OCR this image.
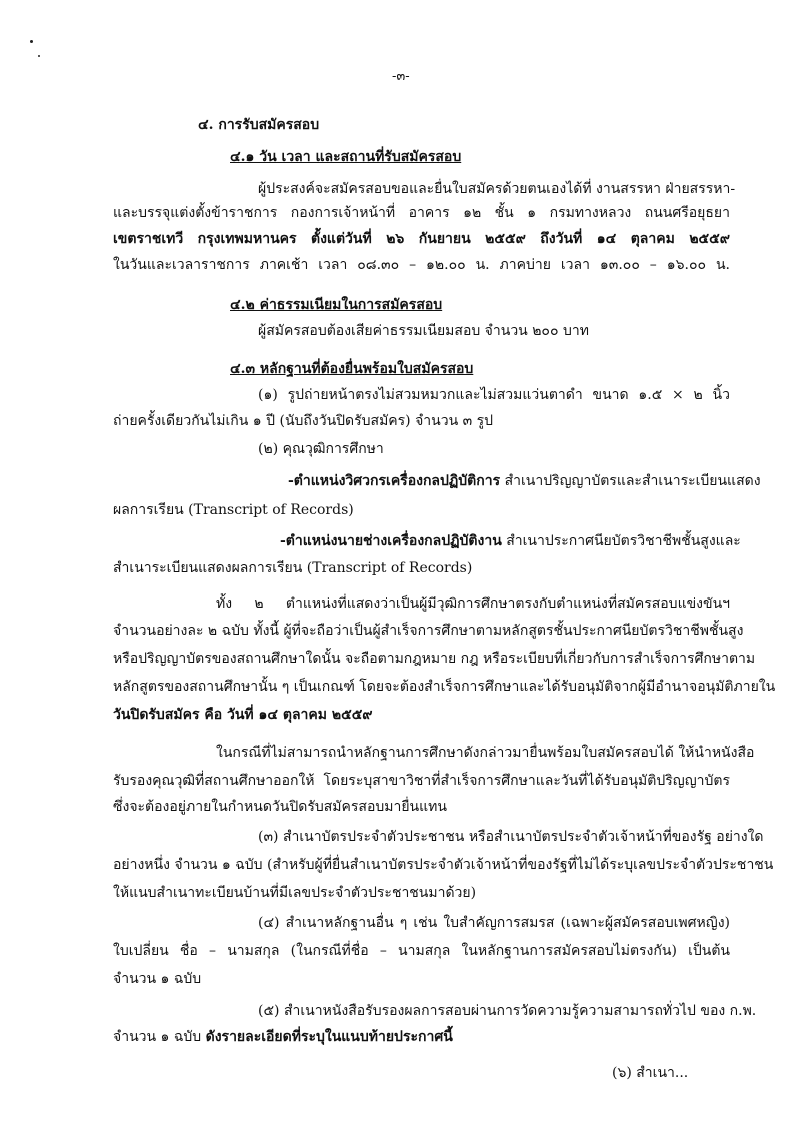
-๓-
๔. การรับสมัครสอบ
๔.๑ วัน เวลา และสถานที่รับสมัครสอบ
ผู้ประสงค์จะสมัครสอบขอและยื่นใบสมัครด้วยตนเองได้ที่ งานสรรหา ฝ่ายสรรหา-
และบรรจุแต่งตั้งข้าราชการ กองการเจ้าหน้าที่ อาคาร ๑๒ ชั้น ๑ กรมทางหลวง ถนนศรีอยุธยา
เขตราชเทวี กรุงเทพมหานคร ตั้งแต่วันที่ ๒๖ กันยายน ๒๕๕๙ ถึงวันที่ ๑๔ ตุลาคม ๒๕๕๙
ในวันและเวลาราชการ ภาคเช้า เวลา ๐๘.๓๐ – ๑๒.๐๐ น. ภาคบ่าย เวลา ๑๓.๐๐ – ๑๖.๐๐ น.
๔.๒ ค่าธรรมเนียมในการสมัครสอบ
ผู้สมัครสอบต้องเสียค่าธรรมเนียมสอบ จำนวน ๒๐๐ บาท
๔.๓ หลักฐานที่ต้องยื่นพร้อมใบสมัครสอบ
(๑) รูปถ่ายหน้าตรงไม่สวมหมวกและไม่สวมแว่นตาดำ ขนาด ๑.๕ × ๒ นิ้ว
ถ่ายครั้งเดียวกันไม่เกิน ๑ ปี (นับถึงวันปิดรับสมัคร) จำนวน ๓ รูป
(๒) คุณวุฒิการศึกษา
-ตำแหน่งวิศวกรเครื่องกลปฏิบัติการ สำเนาปริญญาบัตรและสำเนาระเบียนแสดง
ผลการเรียน (Transcript of Records)
-ตำแหน่งนายช่างเครื่องกลปฏิบัติงาน สำเนาประกาศนียบัตรวิชาชีพชั้นสูงและ
สำเนาระเบียนแสดงผลการเรียน (Transcript of Records)
ทั้ง ๒ ตำแหน่งที่แสดงว่าเป็นผู้มีวุฒิการศึกษาตรงกับตำแหน่งที่สมัครสอบแข่งขันฯ
จำนวนอย่างละ ๒ ฉบับ ทั้งนี้ ผู้ที่จะถือว่าเป็นผู้สำเร็จการศึกษาตามหลักสูตรชั้นประกาศนียบัตรวิชาชีพชั้นสูง
หรือปริญญาบัตรของสถานศึกษาใดนั้น จะถือตามกฎหมาย กฎ หรือระเบียบที่เกี่ยวกับการสำเร็จการศึกษาตาม
หลักสูตรของสถานศึกษานั้น ๆ เป็นเกณฑ์ โดยจะต้องสำเร็จการศึกษาและได้รับอนุมัติจากผู้มีอำนาจอนุมัติภายใน
วันปิดรับสมัคร คือ วันที่ ๑๔ ตุลาคม ๒๕๕๙
ในกรณีที่ไม่สามารถนำหลักฐานการศึกษาดังกล่าวมายื่นพร้อมใบสมัครสอบได้ ให้นำหนังสือ
รับรองคุณวุฒิที่สถานศึกษาออกให้ โดยระบุสาขาวิชาที่สำเร็จการศึกษาและวันที่ได้รับอนุมัติปริญญาบัตร
ซึ่งจะต้องอยู่ภายในกำหนดวันปิดรับสมัครสอบมายื่นแทน
(๓) สำเนาบัตรประจำตัวประชาชน หรือสำเนาบัตรประจำตัวเจ้าหน้าที่ของรัฐ อย่างใด
อย่างหนึ่ง จำนวน ๑ ฉบับ (สำหรับผู้ที่ยื่นสำเนาบัตรประจำตัวเจ้าหน้าที่ของรัฐที่ไม่ได้ระบุเลขประจำตัวประชาชน
ให้แนบสำเนาทะเบียนบ้านที่มีเลขประจำตัวประชาชนมาด้วย)
(๔) สำเนาหลักฐานอื่น ๆ เช่น ใบสำคัญการสมรส (เฉพาะผู้สมัครสอบเพศหญิง)
ใบเปลี่ยน ชื่อ – นามสกุล (ในกรณีที่ชื่อ – นามสกุล ในหลักฐานการสมัครสอบไม่ตรงกัน) เป็นต้น
จำนวน ๑ ฉบับ
(๕) สำเนาหนังสือรับรองผลการสอบผ่านการวัดความรู้ความสามารถทั่วไป ของ ก.พ.
จำนวน ๑ ฉบับ ดังรายละเอียดที่ระบุในแนบท้ายประกาศนี้
(๖) สำเนา...
